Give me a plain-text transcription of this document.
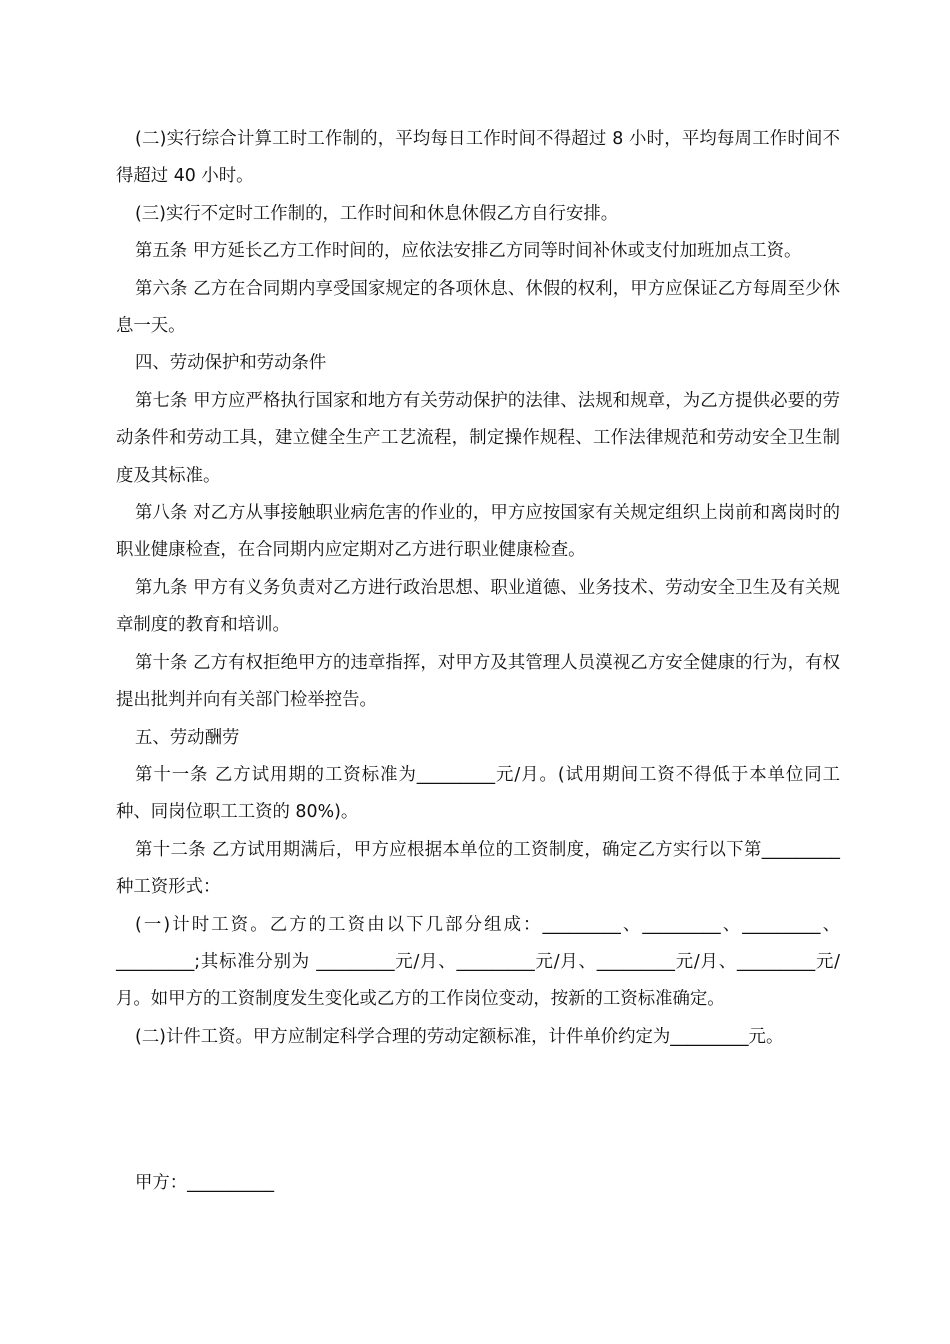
(二)实行综合计算工时工作制的，平均每日工作时间不得超过 8 小时，平均每周工作时间不得超过 40 小时。

(三)实行不定时工作制的，工作时间和休息休假乙方自行安排。

第五条 甲方延长乙方工作时间的，应依法安排乙方同等时间补休或支付加班加点工资。

第六条 乙方在合同期内享受国家规定的各项休息、休假的权利，甲方应保证乙方每周至少休息一天。

四、劳动保护和劳动条件

第七条 甲方应严格执行国家和地方有关劳动保护的法律、法规和规章，为乙方提供必要的劳动条件和劳动工具，建立健全生产工艺流程，制定操作规程、工作法律规范和劳动安全卫生制度及其标准。

第八条 对乙方从事接触职业病危害的作业的，甲方应按国家有关规定组织上岗前和离岗时的职业健康检查，在合同期内应定期对乙方进行职业健康检查。

第九条 甲方有义务负责对乙方进行政治思想、职业道德、业务技术、劳动安全卫生及有关规章制度的教育和培训。

第十条 乙方有权拒绝甲方的违章指挥，对甲方及其管理人员漠视乙方安全健康的行为，有权提出批判并向有关部门检举控告。

五、劳动酬劳

第十一条 乙方试用期的工资标准为_________元/月。(试用期间工资不得低于本单位同工种、同岗位职工工资的 80%)。

第十二条 乙方试用期满后，甲方应根据本单位的工资制度，确定乙方实行以下第_________种工资形式：

(一)计时工资。乙方的工资由以下几部分组成：_________、_________、_________、_________;其标准分别为 _________元/月、_________元/月、_________元/月、_________元/月。如甲方的工资制度发生变化或乙方的工作岗位变动，按新的工资标准确定。

(二)计件工资。甲方应制定科学合理的劳动定额标准，计件单价约定为_________元。

甲方：__________
